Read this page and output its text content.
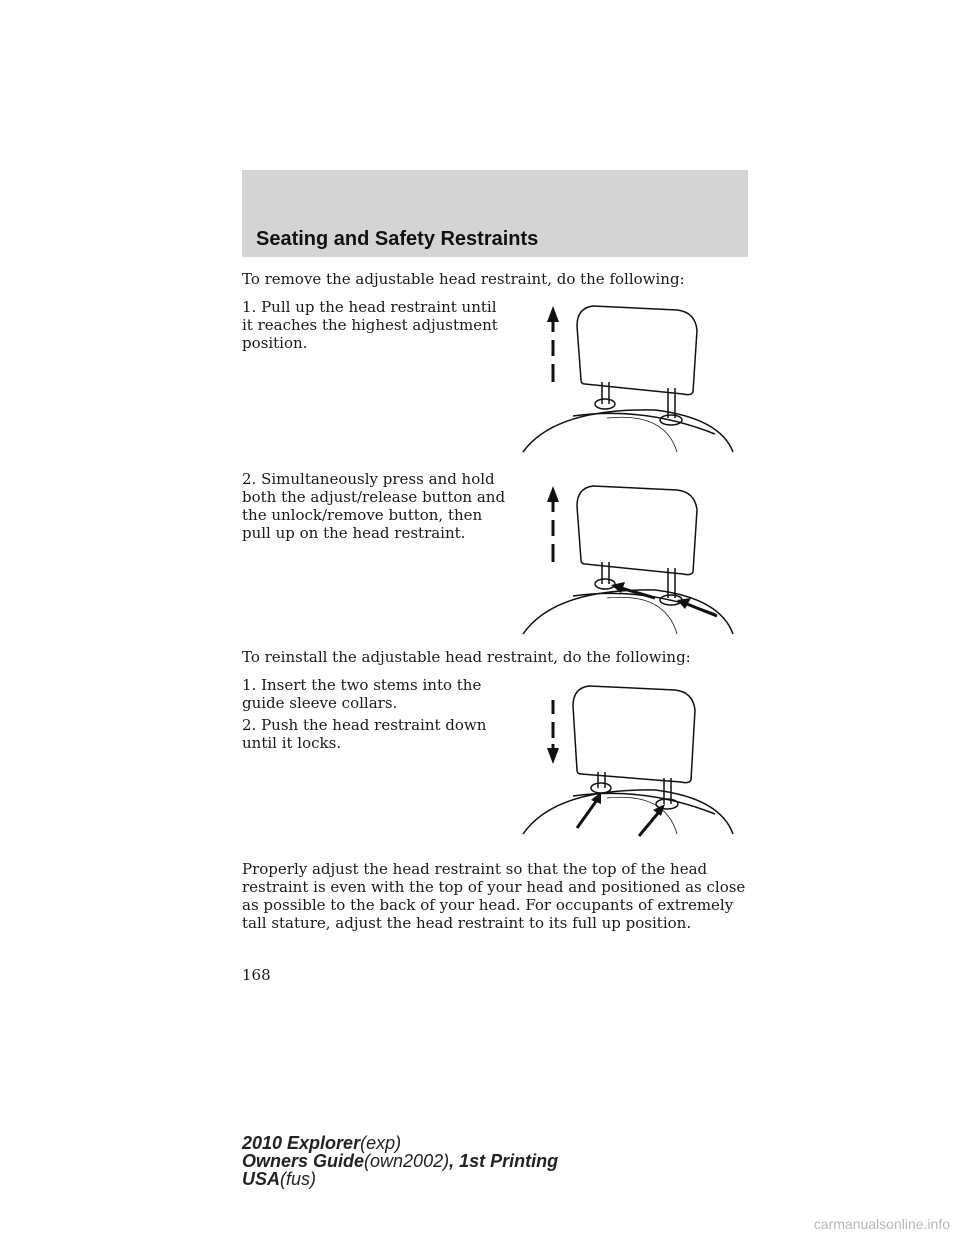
Seating and Safety Restraints

To remove the adjustable head restraint, do the following:

1. Pull up the head restraint until it reaches the highest adjustment position.

2. Simultaneously press and hold both the adjust/release button and the unlock/remove button, then pull up on the head restraint.

To reinstall the adjustable head restraint, do the following:

1. Insert the two stems into the guide sleeve collars.

2. Push the head restraint down until it locks.

Properly adjust the head restraint so that the top of the head restraint is even with the top of your head and positioned as close as possible to the back of your head. For occupants of extremely tall stature, adjust the head restraint to its full up position.

168
2010 Explorer(exp)
Owners Guide(own2002), 1st Printing
USA(fus)
carmanualsonline.info
